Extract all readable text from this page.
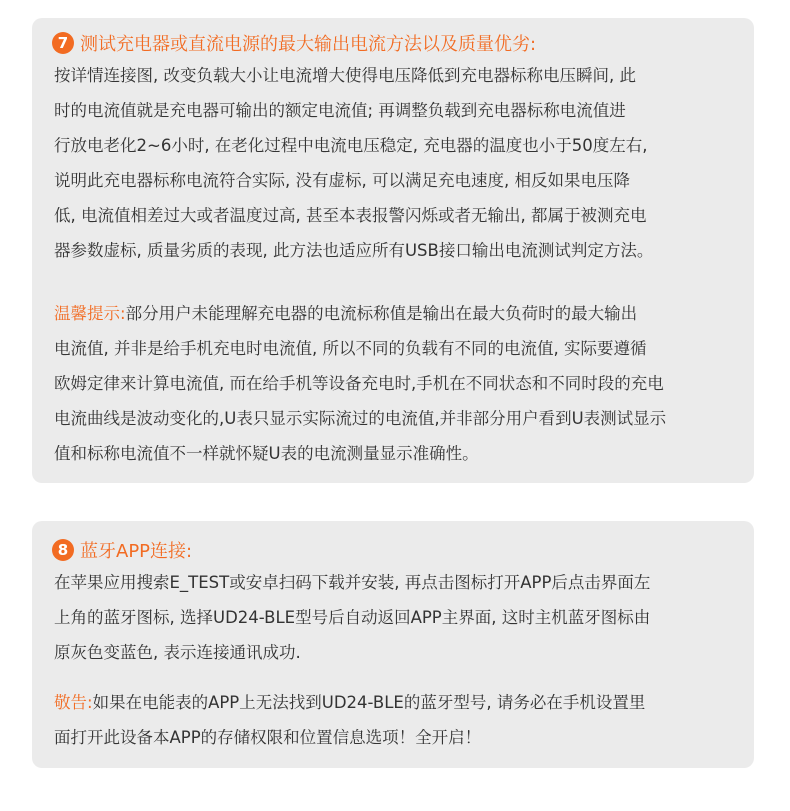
7 测试充电器或直流电源的最大输出电流方法以及质量优劣:
按详情连接图, 改变负载大小让电流增大使得电压降低到充电器标称电压瞬间, 此
时的电流值就是充电器可输出的额定电流值; 再调整负载到充电器标称电流值进
行放电老化2~6小时, 在老化过程中电流电压稳定, 充电器的温度也小于50度左右,
说明此充电器标称电流符合实际, 没有虚标, 可以满足充电速度, 相反如果电压降
低, 电流值相差过大或者温度过高, 甚至本表报警闪烁或者无输出, 都属于被测充电
器参数虚标, 质量劣质的表现, 此方法也适应所有USB接口输出电流测试判定方法。
温馨提示:部分用户未能理解充电器的电流标称值是输出在最大负荷时的最大输出
电流值, 并非是给手机充电时电流值, 所以不同的负载有不同的电流值, 实际要遵循
欧姆定律来计算电流值, 而在给手机等设备充电时,手机在不同状态和不同时段的充电
电流曲线是波动变化的,U表只显示实际流过的电流值,并非部分用户看到U表测试显示
值和标称电流值不一样就怀疑U表的电流测量显示准确性。
8 蓝牙APP连接:
在苹果应用搜索E_TEST或安卓扫码下载并安装, 再点击图标打开APP后点击界面左
上角的蓝牙图标, 选择UD24-BLE型号后自动返回APP主界面, 这时主机蓝牙图标由
原灰色变蓝色, 表示连接通讯成功.
敬告:如果在电能表的APP上无法找到UD24-BLE的蓝牙型号, 请务必在手机设置里
面打开此设备本APP的存储权限和位置信息选项！全开启！
